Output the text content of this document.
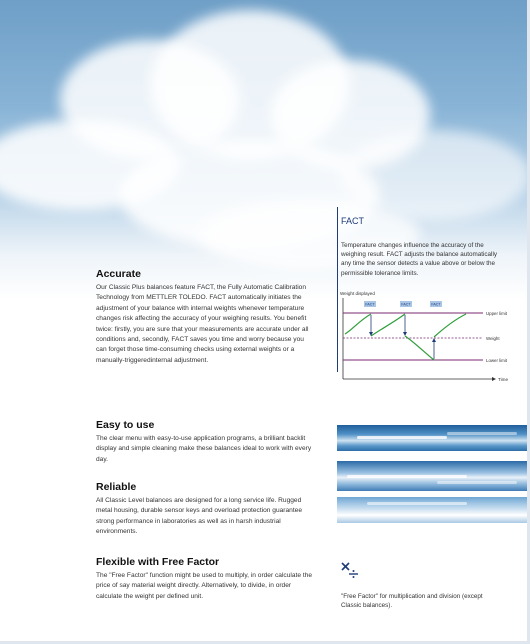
Accurate

Our Classic Plus balances feature FACT, the Fully Automatic Calibration Technology from METTLER TOLEDO. FACT automatically initiates the adjustment of your balance with internal weights whenever temperature changes risk affecting the accuracy of your weighing results. You benefit twice: firstly, you are sure that your measurements are accurate under all conditions and, secondly, FACT saves you time and worry because you can forget those time-consuming checks using external weights or a manually-triggeredinternal adjustment.

Easy to use

The clear menu with easy-to-use application programs, a brilliant backlit display and simple cleaning make these balances ideal to work with every day.

Reliable

All Classic Level balances are designed for a long service life. Rugged metal housing, durable sensor keys and overload protection guarantee strong performance in laboratories as well as in harsh industrial environments.

Flexible with Free Factor

The "Free Factor" function might be used to multiply, in order calculate the price of say material weight directly. Alternatively, to divide, in order calculate the weight per defined unit.

FACT

Temperature changes influence the accuracy of the weighing result. FACT adjusts the balance automatically any time the sensor detects a value above or below the permissible tolerance limits.

Weight displayed
Time
Upper limit
Weight
Lower limit
FACT	FACT	FACT

"Free Factor" for multiplication and division (except Classic balances).
